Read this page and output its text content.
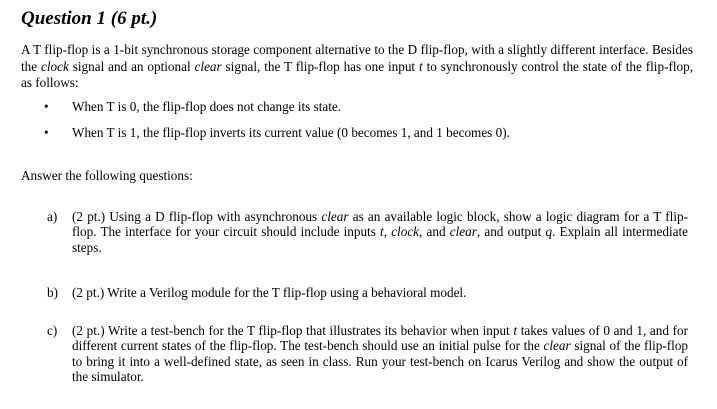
Question 1 (6 pt.)

A T flip-flop is a 1-bit synchronous storage component alternative to the D flip-flop, with a slightly different interface. Besides the clock signal and an optional clear signal, the T flip-flop has one input t to synchronously control the state of the flip-flop, as follows:

• When T is 0, the flip-flop does not change its state.
• When T is 1, the flip-flop inverts its current value (0 becomes 1, and 1 becomes 0).

Answer the following questions:

a) (2 pt.) Using a D flip-flop with asynchronous clear as an available logic block, show a logic diagram for a T flip-flop. The interface for your circuit should include inputs t, clock, and clear, and output q. Explain all intermediate steps.

b) (2 pt.) Write a Verilog module for the T flip-flop using a behavioral model.

c) (2 pt.) Write a test-bench for the T flip-flop that illustrates its behavior when input t takes values of 0 and 1, and for different current states of the flip-flop. The test-bench should use an initial pulse for the clear signal of the flip-flop to bring it into a well-defined state, as seen in class. Run your test-bench on Icarus Verilog and show the output of the simulator.
